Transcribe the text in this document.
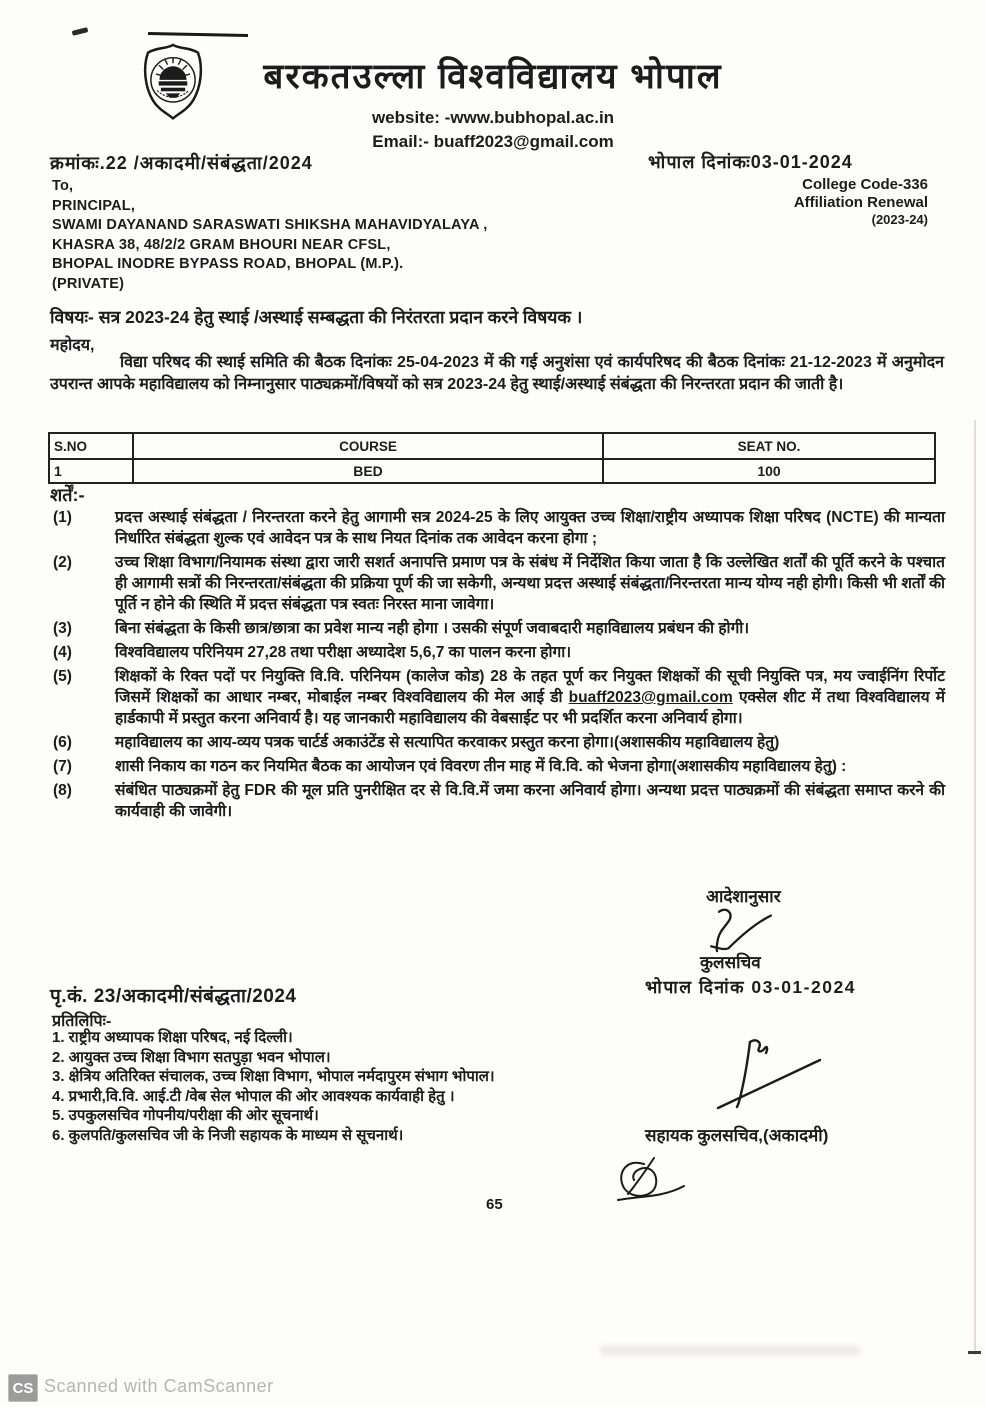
बरकतउल्ला विश्वविद्यालय भोपाल
website: -www.bubhopal.ac.in
Email:- buaff2023@gmail.com
क्रमांकः.22 /अकादमी/संबंद्धता/2024	भोपाल दिनांकः03-01-2024
To,
PRINCIPAL,
SWAMI DAYANAND SARASWATI SHIKSHA MAHAVIDYALAYA ,
KHASRA 38, 48/2/2 GRAM BHOURI NEAR CFSL,
BHOPAL INODRE BYPASS ROAD, BHOPAL (M.P.).
(PRIVATE)
College Code-336
Affiliation Renewal
(2023-24)
विषयः- सत्र 2023-24 हेतु स्थाई /अस्थाई सम्बद्धता की निरंतरता प्रदान करने विषयक ।
महोदय,
विद्या परिषद की स्थाई समिति की बैठक दिनांकः 25-04-2023 में की गई अनुशंसा एवं कार्यपरिषद की बैठक दिनांकः 21-12-2023 में अनुमोदन उपरान्त आपके महाविद्यालय को निम्नानुसार पाठ्यक्रमों/विषयों को सत्र 2023-24 हेतु स्थाई/अस्थाई संबंद्धता की निरन्तरता प्रदान की जाती है।
S.NO	COURSE	SEAT NO.
1	BED	100
शर्तें:-
(1)	प्रदत्त अस्थाई संबंद्धता / निरन्तरता करने हेतु आगामी सत्र 2024-25 के लिए आयुक्त उच्च शिक्षा/राष्ट्रीय अध्यापक शिक्षा परिषद (NCTE) की मान्यता निर्धारित संबंद्धता शुल्क एवं आवेदन पत्र के साथ नियत दिनांक तक आवेदन करना होगा ;
(2)	उच्च शिक्षा विभाग/नियामक संस्था द्वारा जारी सशर्त अनापत्ति प्रमाण पत्र के संबंध में निर्देशित किया जाता है कि उल्लेखित शर्तों की पूर्ति करने के पश्चात ही आगामी सत्रों की निरन्तरता/संबंद्धता की प्रक्रिया पूर्ण की जा सकेगी, अन्यथा प्रदत्त अस्थाई संबंद्धता/निरन्तरता मान्य योग्य नही होगी। किसी भी शर्तों की पूर्ति न होने की स्थिति में प्रदत्त संबंद्धता पत्र स्वतः निरस्त माना जावेगा।
(3)	बिना संबंद्धता के किसी छात्र/छात्रा का प्रवेश मान्य नही होगा । उसकी संपूर्ण जवाबदारी महाविद्यालय प्रबंधन की होगी।
(4)	विश्वविद्यालय परिनियम 27,28 तथा परीक्षा अध्यादेश 5,6,7 का पालन करना होगा।
(5)	शिक्षकों के रिक्त पदों पर नियुक्ति वि.वि. परिनियम (कालेज कोड) 28 के तहत पूर्ण कर नियुक्त शिक्षकों की सूची नियुक्ति पत्र, मय ज्वाईनिंग रिर्पोट जिसमें शिक्षकों का आधार नम्बर, मोबाईल नम्बर विश्वविद्यालय की मेल आई डी buaff2023@gmail.com एक्सेल शीट में तथा विश्वविद्यालय में हार्डकापी में प्रस्तुत करना अनिवार्य है। यह जानकारी महाविद्यालय की वेबसाईट पर भी प्रदर्शित करना अनिवार्य होगा।
(6)	महाविद्यालय का आय-व्यय पत्रक चार्टर्ड अकाउंटेंड से सत्यापित करवाकर प्रस्तुत करना होगा।(अशासकीय महाविद्यालय हेतु)
(7)	शासी निकाय का गठन कर नियमित बैठक का आयोजन एवं विवरण तीन माह में वि.वि. को भेजना होगा(अशासकीय महाविद्यालय हेतु) :
(8)	संबंधित पाठ्यक्रमों हेतु FDR की मूल प्रति पुनरीक्षित दर से वि.वि.में जमा करना अनिवार्य होगा। अन्यथा प्रदत्त पाठ्यक्रमों की संबंद्धता समाप्त करने की कार्यवाही की जावेगी।
आदेशानुसार
कुलसचिव
भोपाल दिनांक 03-01-2024
पृ.कं. 23/अकादमी/संबंद्धता/2024
प्रतिलिपिः-
1. राष्ट्रीय अध्यापक शिक्षा परिषद, नई दिल्ली।
2. आयुक्त उच्च शिक्षा विभाग सतपुड़ा भवन भोपाल।
3. क्षेत्रिय अतिरिक्त संचालक, उच्च शिक्षा विभाग, भोपाल नर्मदापुरम संभाग भोपाल।
4. प्रभारी,वि.वि. आई.टी /वेब सेल भोपाल की ओर आवश्यक कार्यवाही हेतु ।
5. उपकुलसचिव गोपनीय/परीक्षा की ओर सूचनार्थ।
6. कुलपति/कुलसचिव जी के निजी सहायक के माध्यम से सूचनार्थ।	सहायक कुलसचिव,(अकादमी)
65
CS Scanned with CamScanner
